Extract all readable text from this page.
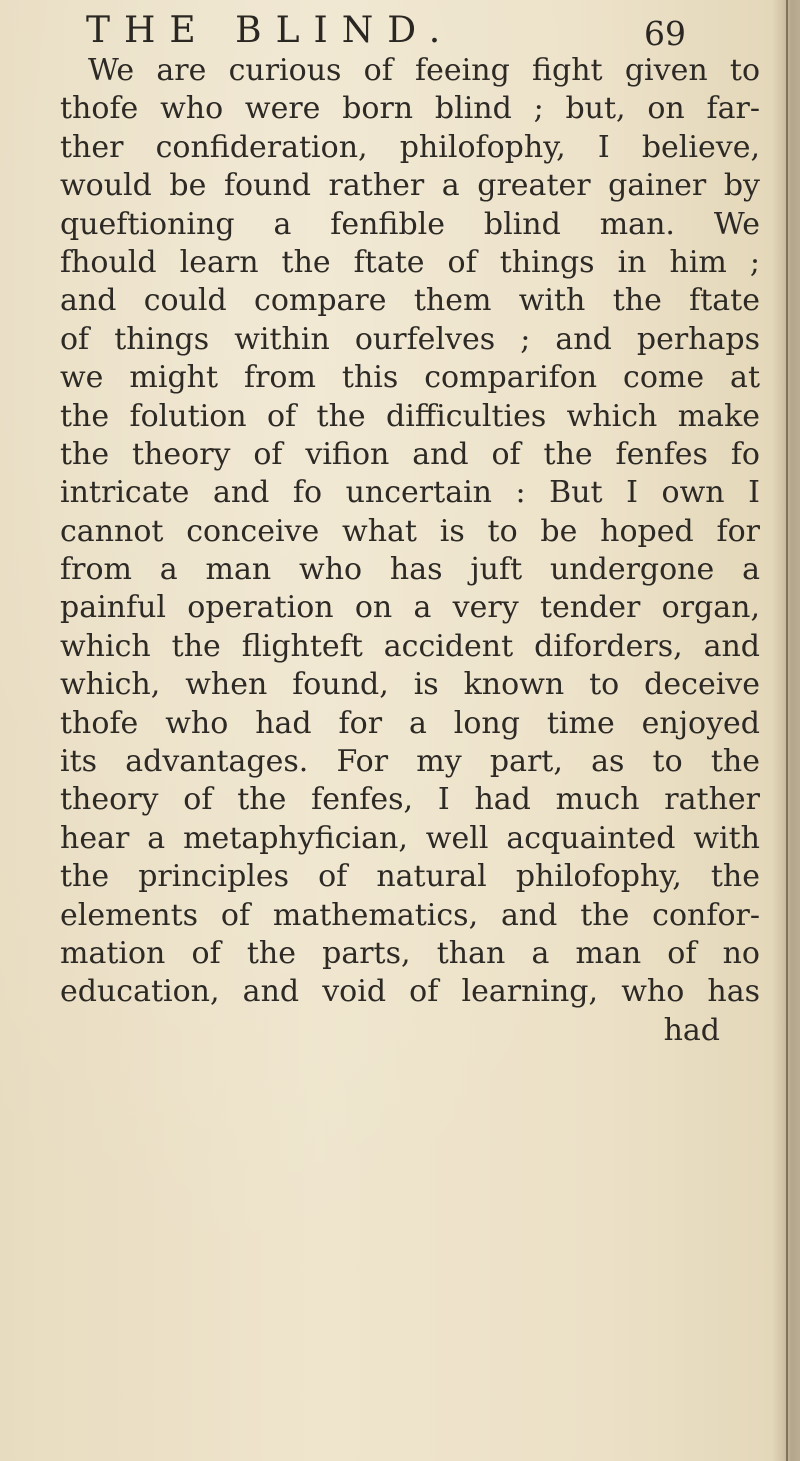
THE BLIND.	69
We are curious of feeing fight given to
thofe who were born blind ; but, on far-
ther confideration, philofophy, I believe,
would be found rather a greater gainer by
queftioning a fenfible blind man. We
fhould learn the ftate of things in him ;
and could compare them with the ftate
of things within ourfelves ; and perhaps
we might from this comparifon come at
the folution of the difficulties which make
the theory of vifion and of the fenfes fo
intricate and fo uncertain : But I own I
cannot conceive what is to be hoped for
from a man who has juft undergone a
painful operation on a very tender organ,
which the flighteft accident diforders, and
which, when found, is known to deceive
thofe who had for a long time enjoyed
its advantages. For my part, as to the
theory of the fenfes, I had much rather
hear a metaphyfician, well acquainted with
the principles of natural philofophy, the
elements of mathematics, and the confor-
mation of the parts, than a man of no
education, and void of learning, who has
had
